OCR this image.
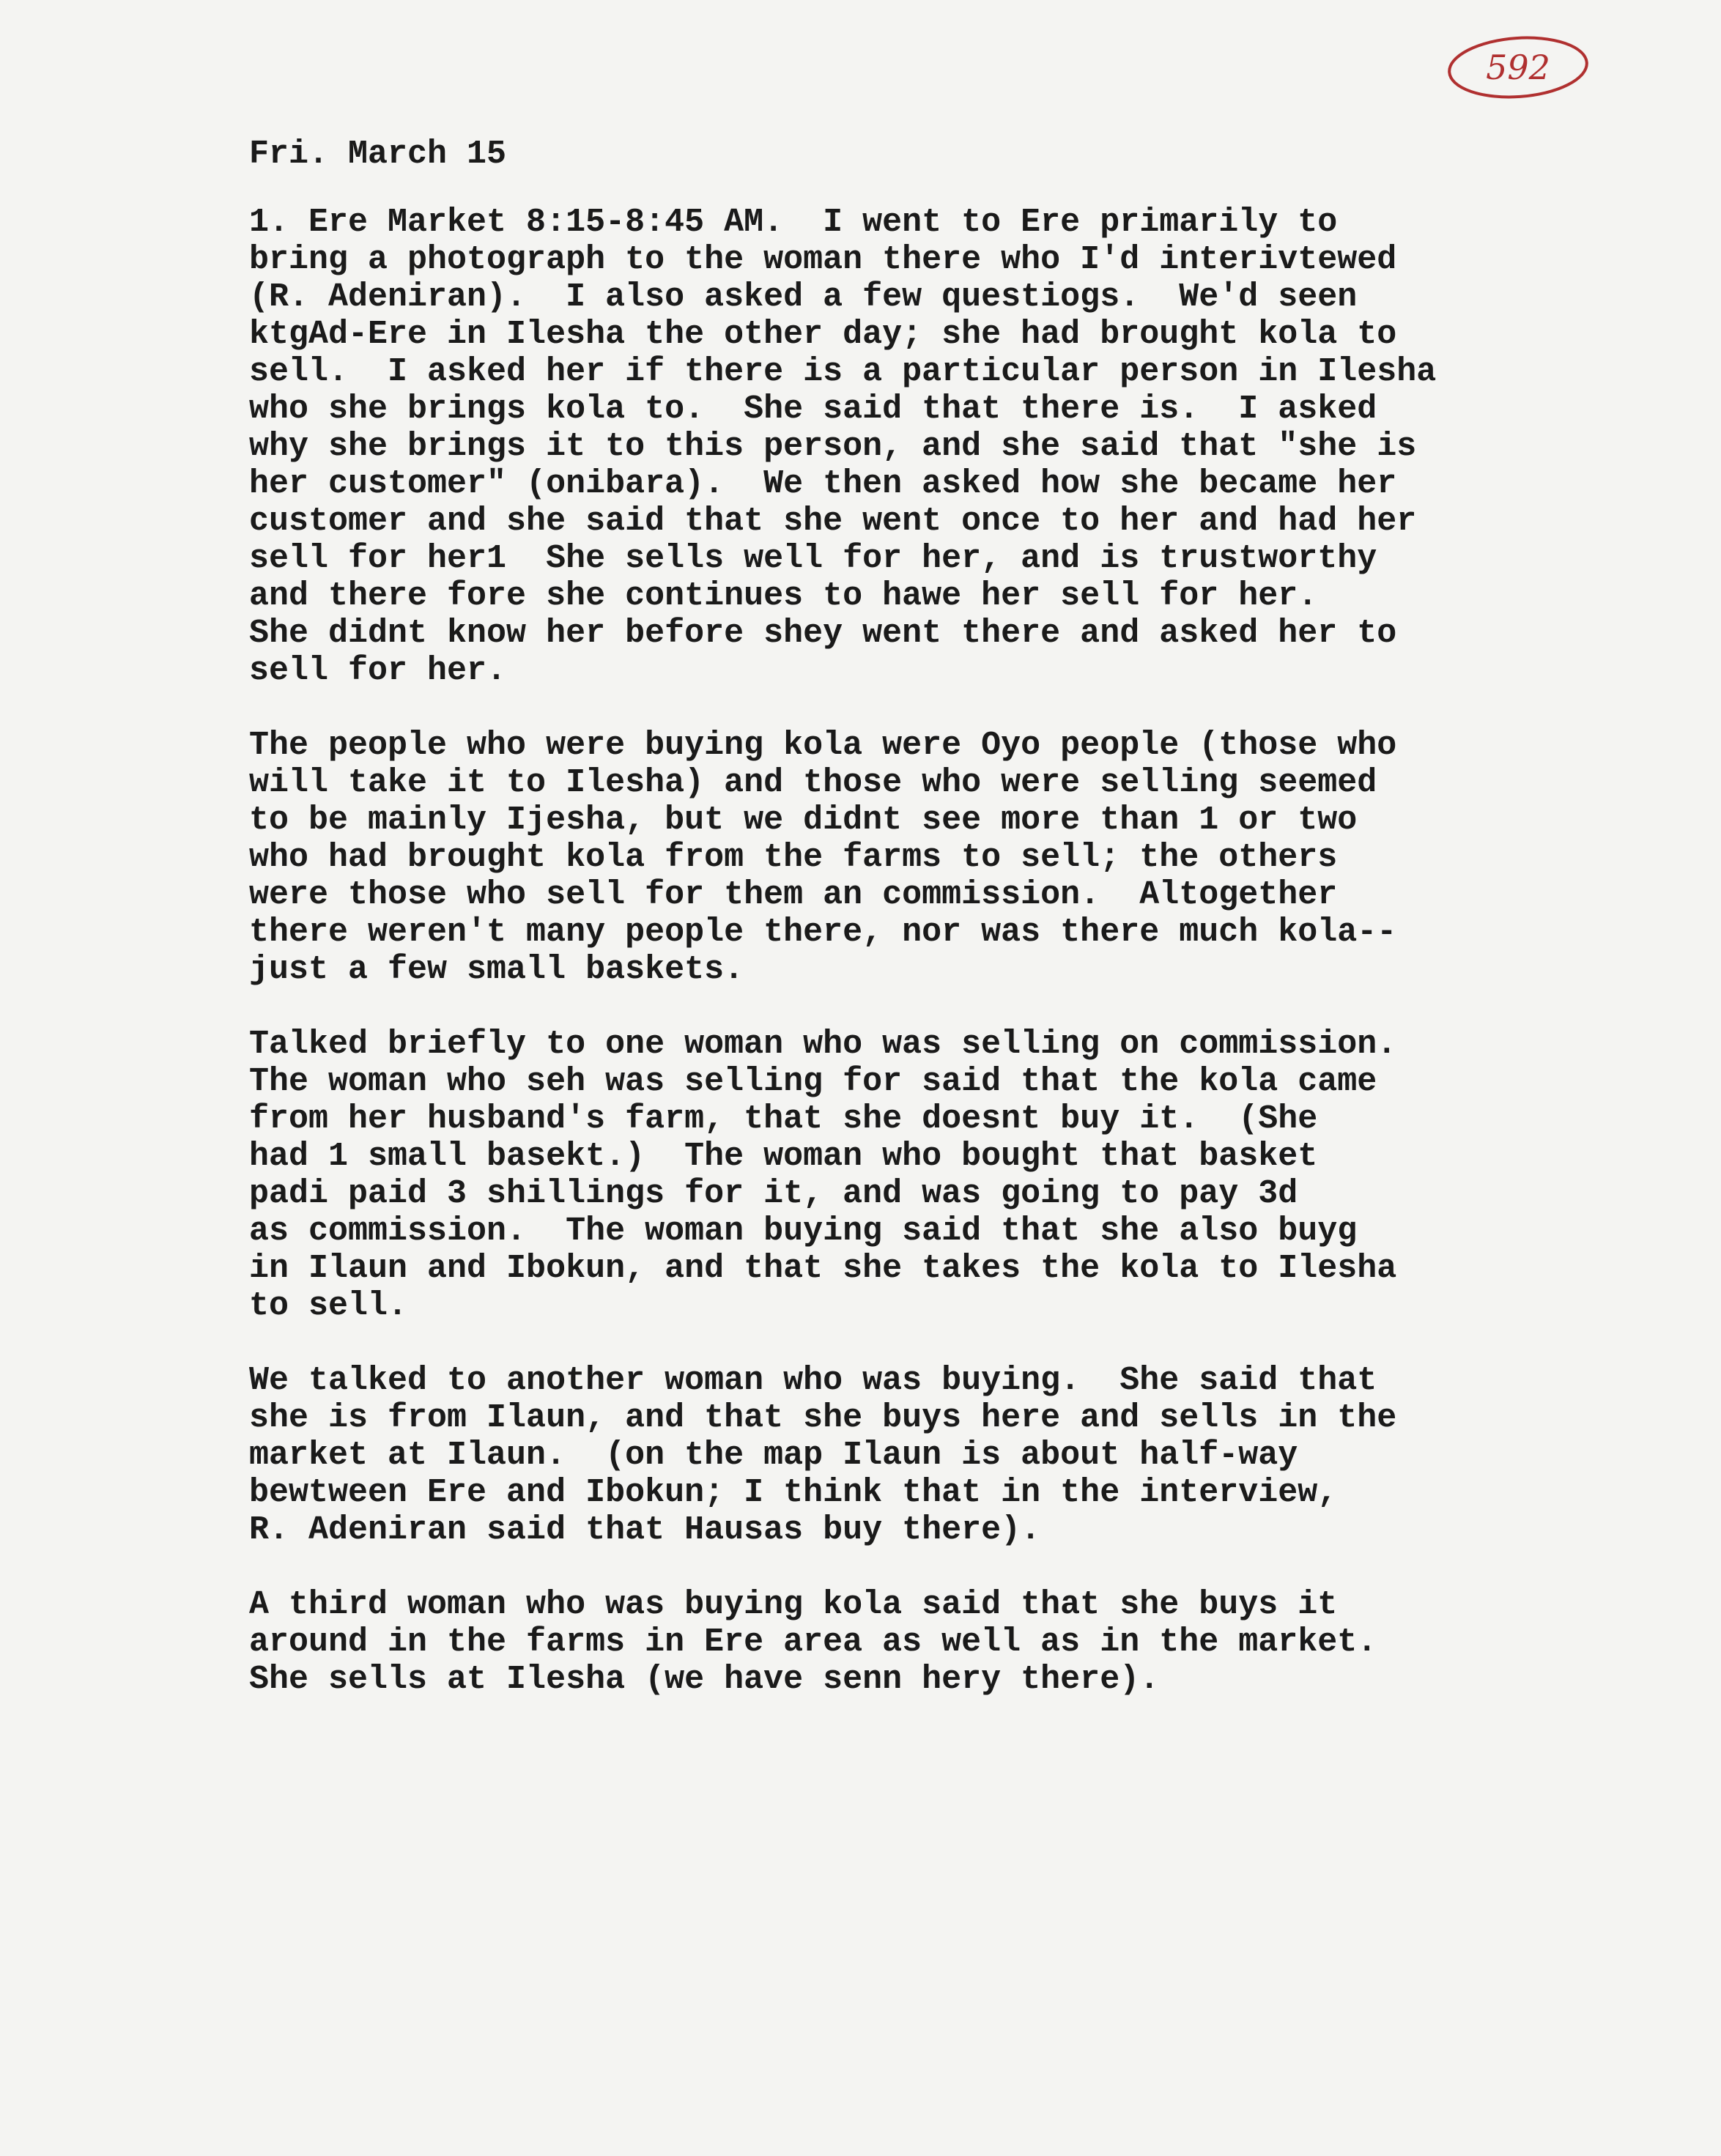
592
Fri. March 15
1. Ere Market 8:15-8:45 AM.  I went to Ere primarily to
bring a photograph to the woman there who I'd interivtewed
(R. Adeniran).  I also asked a few questiogs.  We'd seen
ktgAd-Ere in Ilesha the other day; she had brought kola to
sell.  I asked her if there is a particular person in Ilesha
who she brings kola to.  She said that there is.  I asked
why she brings it to this person, and she said that "she is
her customer" (onibara).  We then asked how she became her
customer and she said that she went once to her and had her
sell for her1  She sells well for her, and is trustworthy
and there fore she continues to hawe her sell for her.
She didnt know her before shey went there and asked her to
sell for her.
The people who were buying kola were Oyo people (those who
will take it to Ilesha) and those who were selling seemed
to be mainly Ijesha, but we didnt see more than 1 or two
who had brought kola from the farms to sell; the others
were those who sell for them an commission.  Altogether
there weren't many people there, nor was there much kola--
just a few small baskets.
Talked briefly to one woman who was selling on commission.
The woman who seh was selling for said that the kola came
from her husband's farm, that she doesnt buy it.  (She
had 1 small basekt.)  The woman who bought that basket
padi paid 3 shillings for it, and was going to pay 3d
as commission.  The woman buying said that she also buyg
in Ilaun and Ibokun, and that she takes the kola to Ilesha
to sell.
We talked to another woman who was buying.  She said that
she is from Ilaun, and that she buys here and sells in the
market at Ilaun.  (on the map Ilaun is about half-way
bewtween Ere and Ibokun; I think that in the interview,
R. Adeniran said that Hausas buy there).
A third woman who was buying kola said that she buys it
around in the farms in Ere area as well as in the market.
She sells at Ilesha (we have senn hery there).
